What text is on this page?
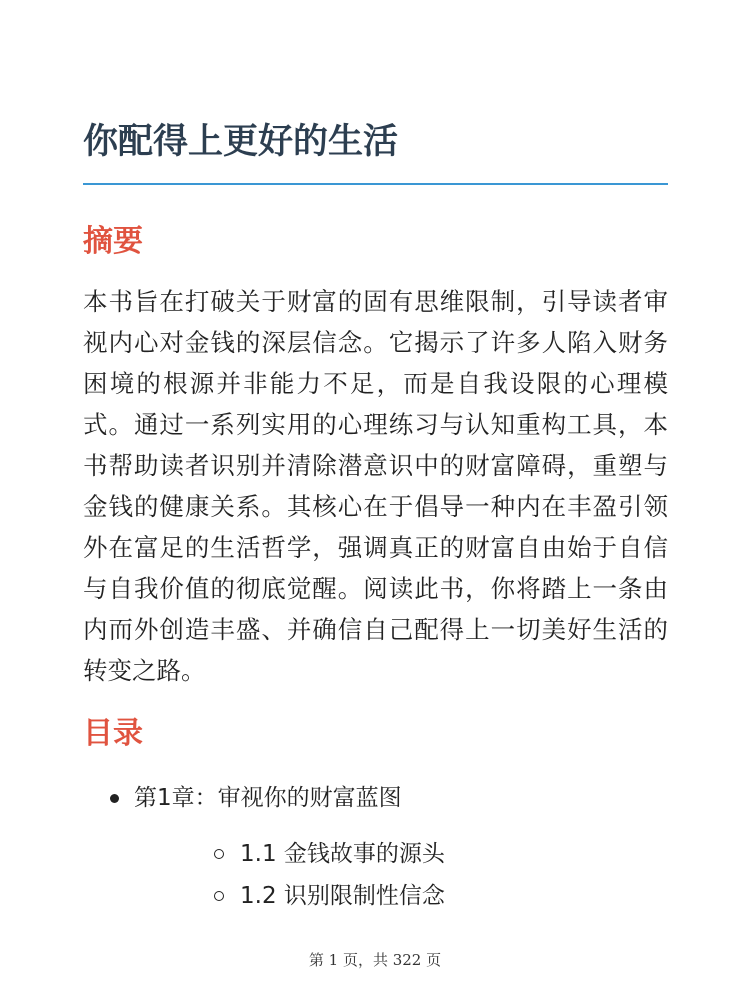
你配得上更好的生活
摘要

本书旨在打破关于财富的固有思维限制，引导读者审视内心对金钱的深层信念。它揭示了许多人陷入财务困境的根源并非能力不足，而是自我设限的心理模式。通过一系列实用的心理练习与认知重构工具，本书帮助读者识别并清除潜意识中的财富障碍，重塑与金钱的健康关系。其核心在于倡导一种内在丰盈引领外在富足的生活哲学，强调真正的财富自由始于自信与自我价值的彻底觉醒。阅读此书，你将踏上一条由内而外创造丰盛、并确信自己配得上一切美好生活的转变之路。

目录
第1章：审视你的财富蓝图
1.1 金钱故事的源头
1.2 识别限制性信念
第 1 页，共 322 页
